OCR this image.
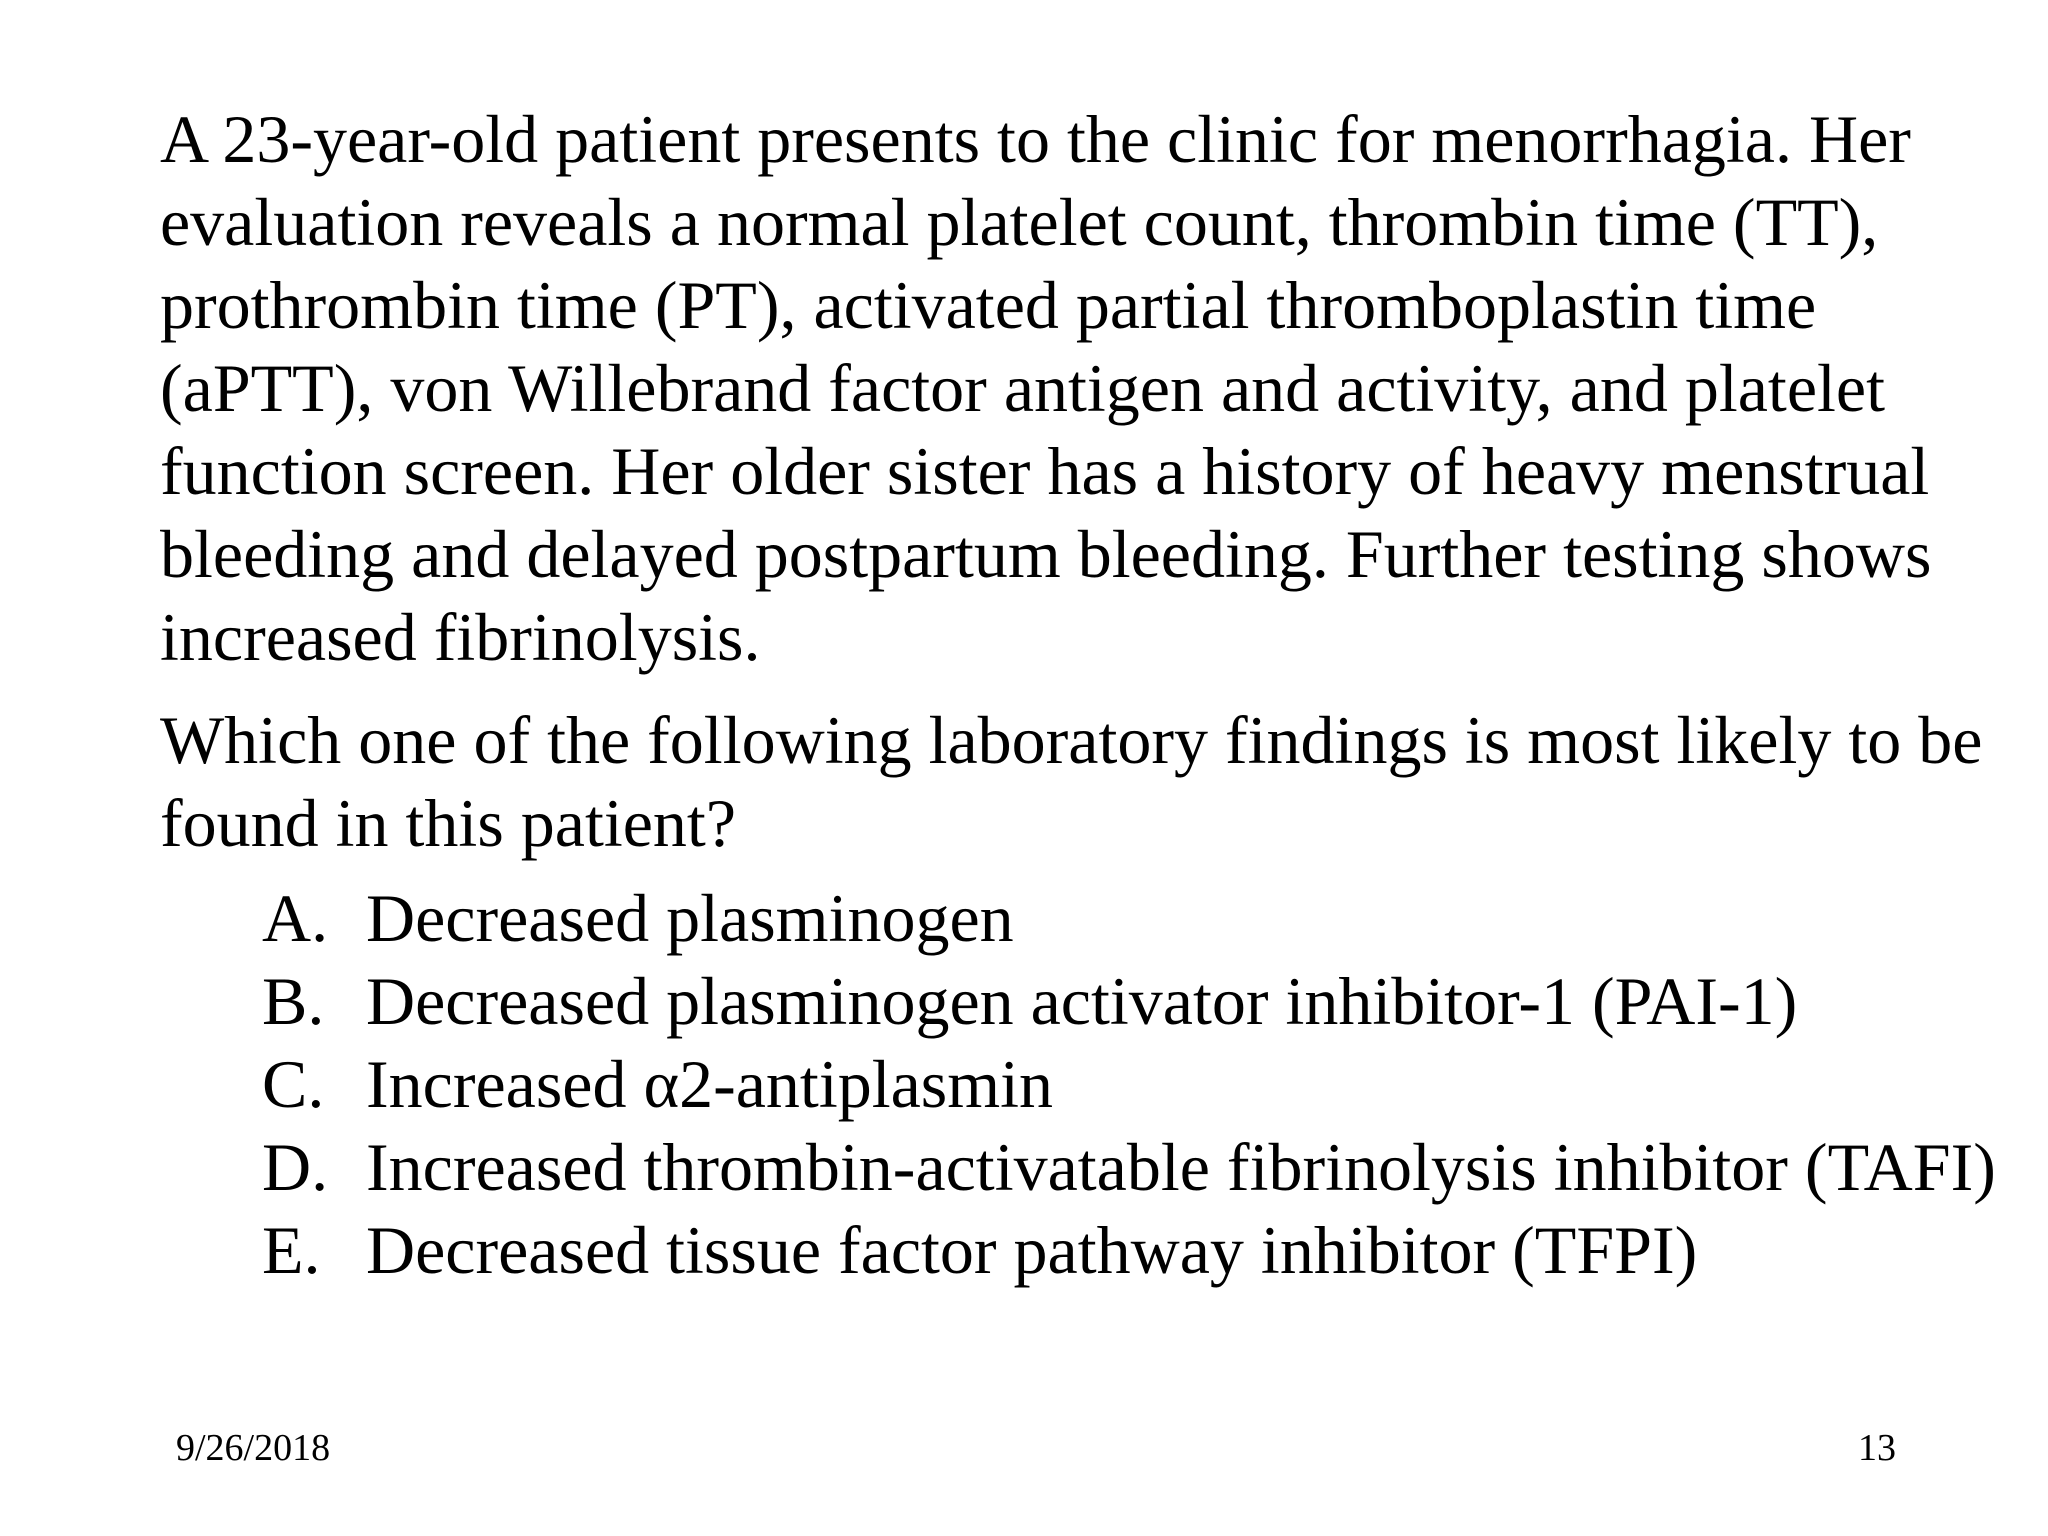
A 23-year-old patient presents to the clinic for menorrhagia. Her
evaluation reveals a normal platelet count, thrombin time (TT),
prothrombin time (PT), activated partial thromboplastin time
(aPTT), von Willebrand factor antigen and activity, and platelet
function screen. Her older sister has a history of heavy menstrual
bleeding and delayed postpartum bleeding. Further testing shows
increased fibrinolysis.
Which one of the following laboratory findings is most likely to be
found in this patient?
A. Decreased plasminogen
B. Decreased plasminogen activator inhibitor-1 (PAI-1)
C. Increased α2-antiplasmin
D. Increased thrombin-activatable fibrinolysis inhibitor (TAFI)
E. Decreased tissue factor pathway inhibitor (TFPI)
9/26/2018	13
